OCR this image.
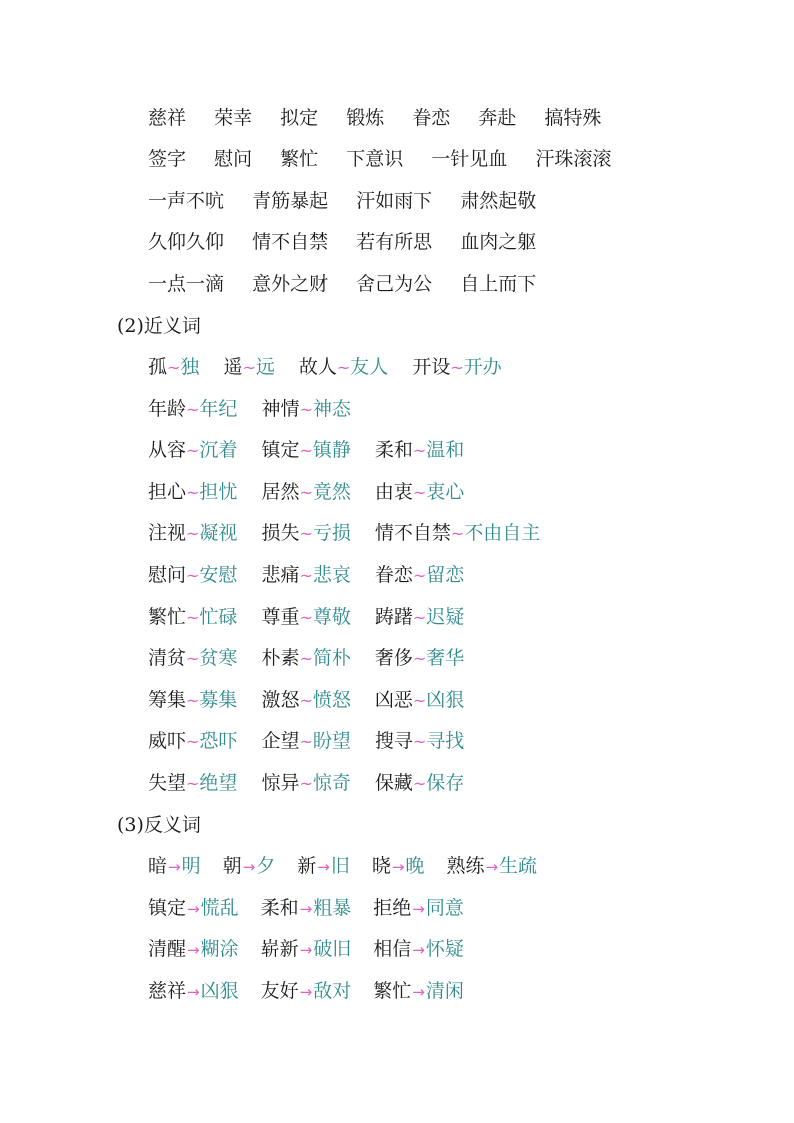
慈祥 荣幸 拟定 锻炼 眷恋 奔赴 搞特殊
签字 慰问 繁忙 下意识 一针见血 汗珠滚滚
一声不吭 青筋暴起 汗如雨下 肃然起敬
久仰久仰 情不自禁 若有所思 血肉之躯
一点一滴 意外之财 舍己为公 自上而下
(2)近义词
孤~独 遥~远 故人~友人 开设~开办
年龄~年纪 神情~神态
从容~沉着 镇定~镇静 柔和~温和
担心~担忧 居然~竟然 由衷~衷心
注视~凝视 损失~亏损 情不自禁~不由自主
慰问~安慰 悲痛~悲哀 眷恋~留恋
繁忙~忙碌 尊重~尊敬 踌躇~迟疑
清贫~贫寒 朴素~简朴 奢侈~奢华
筹集~募集 激怒~愤怒 凶恶~凶狠
威吓~恐吓 企望~盼望 搜寻~寻找
失望~绝望 惊异~惊奇 保藏~保存
(3)反义词
暗→明 朝→夕 新→旧 晓→晚 熟练→生疏
镇定→慌乱 柔和→粗暴 拒绝→同意
清醒→糊涂 崭新→破旧 相信→怀疑
慈祥→凶狠 友好→敌对 繁忙→清闲
